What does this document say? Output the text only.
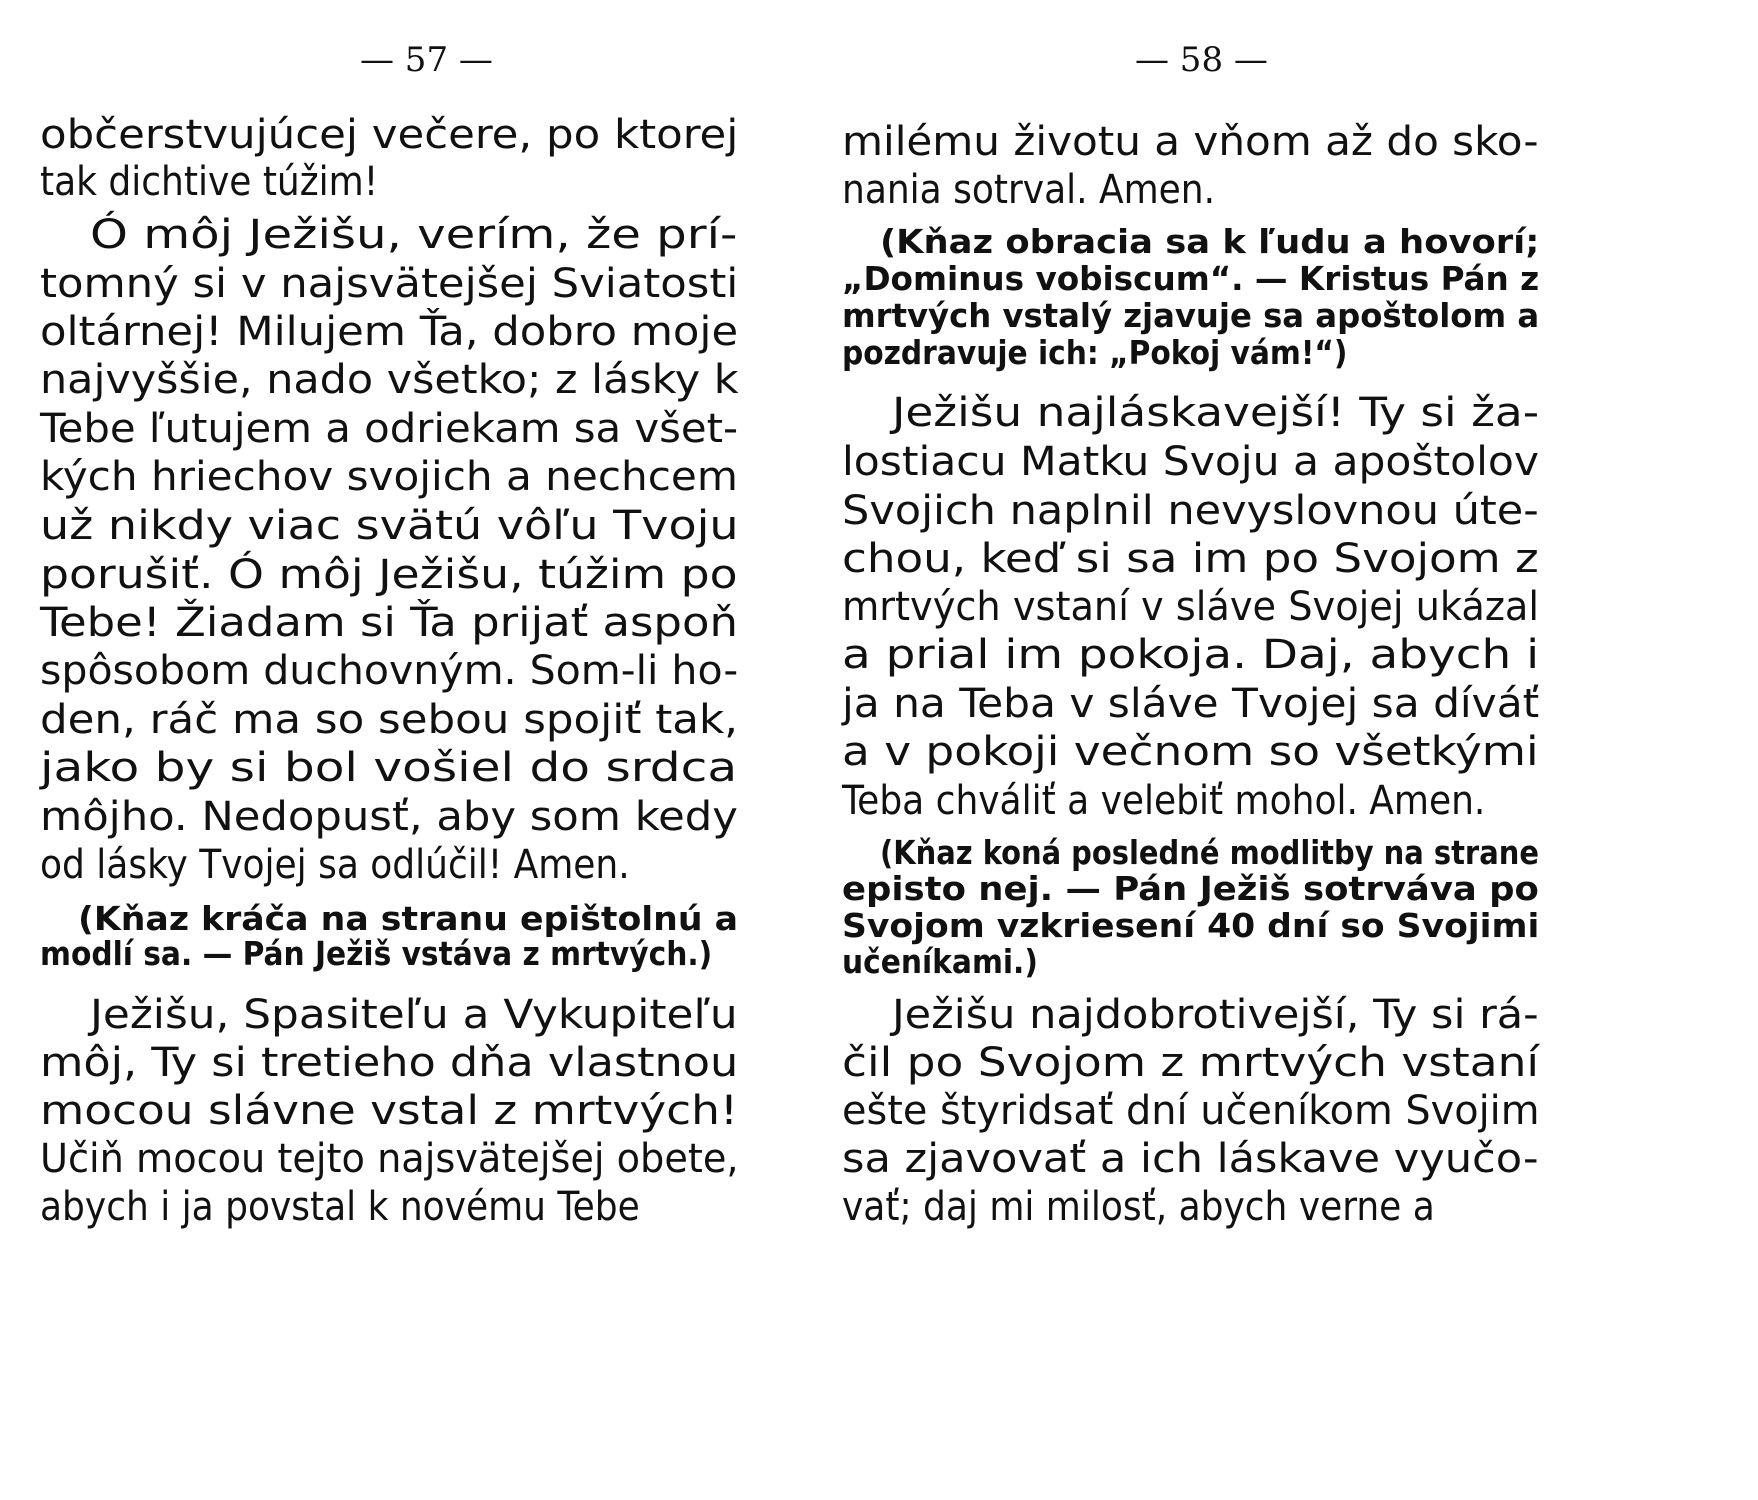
— 57 —
občerstvujúcej večere, po ktorej
tak dichtive túžim!
Ó môj Ježišu, verím, že prí-
tomný si v najsvätejšej Sviatosti
oltárnej! Milujem Ťa, dobro moje
najvyššie, nado všetko; z lásky k
Tebe ľutujem a odriekam sa všet-
kých hriechov svojich a nechcem
už nikdy viac svätú vôľu Tvoju
porušiť. Ó môj Ježišu, túžim po
Tebe! Žiadam si Ťa prijať aspoň
spôsobom duchovným. Som-li ho-
den, ráč ma so sebou spojiť tak,
jako by si bol vošiel do srdca
môjho. Nedopusť, aby som kedy
od lásky Tvojej sa odlúčil! Amen.
(Kňaz kráča na stranu epištolnú a
modlí sa. — Pán Ježiš vstáva z mrtvých.)
Ježišu, Spasiteľu a Vykupiteľu
môj, Ty si tretieho dňa vlastnou
mocou slávne vstal z mrtvých!
Učiň mocou tejto najsvätejšej obete,
abych i ja povstal k novému Tebe
— 58 —
milému životu a vňom až do sko-
nania sotrval. Amen.
(Kňaz obracia sa k ľudu a hovorí;
„Dominus vobiscum“. — Kristus Pán z
mrtvých vstalý zjavuje sa apoštolom a
pozdravuje ich: „Pokoj vám!“)
Ježišu najláskavejší! Ty si ža-
lostiacu Matku Svoju a apoštolov
Svojich naplnil nevyslovnou úte-
chou, keď si sa im po Svojom z
mrtvých vstaní v sláve Svojej ukázal
a prial im pokoja. Daj, abych i
ja na Teba v sláve Tvojej sa díváť
a v pokoji večnom so všetkými
Teba chváliť a velebiť mohol. Amen.
(Kňaz koná posledné modlitby na strane
episto nej. — Pán Ježiš sotrváva po
Svojom vzkriesení 40 dní so Svojimi
učeníkami.)
Ježišu najdobrotivejší, Ty si rá-
čil po Svojom z mrtvých vstaní
ešte štyridsať dní učeníkom Svojim
sa zjavovať a ich láskave vyučo-
vať; daj mi milosť, abych verne a
